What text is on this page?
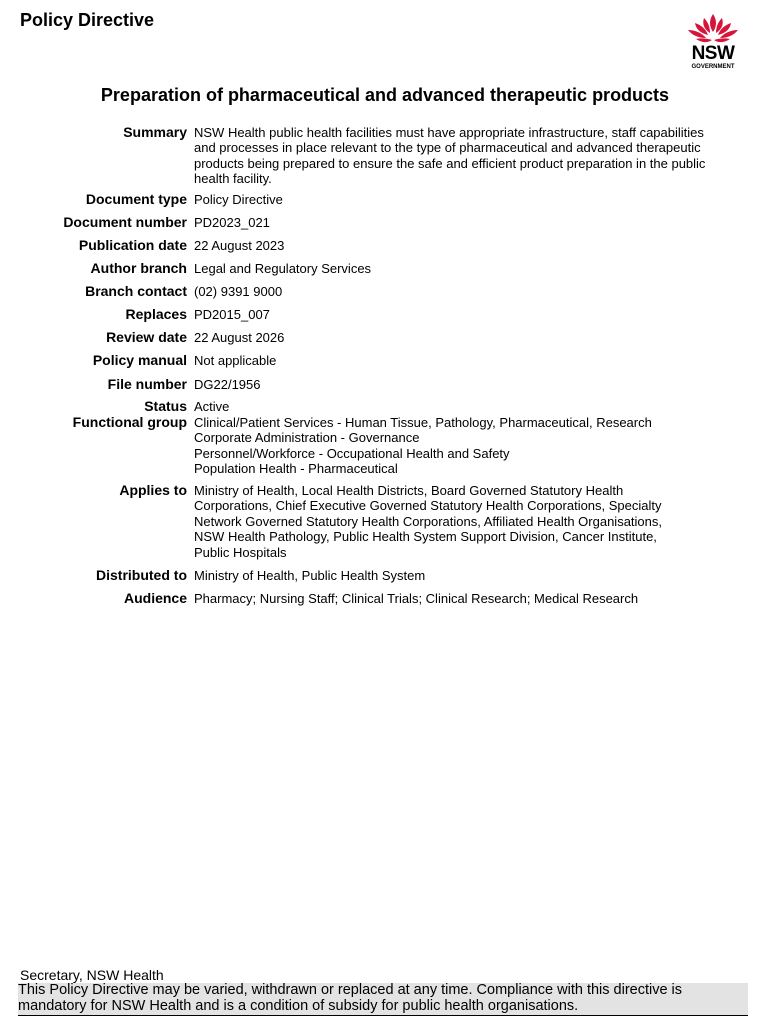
Policy Directive
NSW
GOVERNMENT
Preparation of pharmaceutical and advanced therapeutic products
Summary NSW Health public health facilities must have appropriate infrastructure, staff capabilities
and processes in place relevant to the type of pharmaceutical and advanced therapeutic
products being prepared to ensure the safe and efficient product preparation in the public
health facility.
Document type Policy Directive
Document number PD2023_021
Publication date 22 August 2023
Author branch Legal and Regulatory Services
Branch contact (02) 9391 9000
Replaces PD2015_007
Review date 22 August 2026
Policy manual Not applicable
File number DG22/1956
Status Active
Functional group Clinical/Patient Services - Human Tissue, Pathology, Pharmaceutical, Research
Corporate Administration - Governance
Personnel/Workforce - Occupational Health and Safety
Population Health - Pharmaceutical
Applies to Ministry of Health, Local Health Districts, Board Governed Statutory Health
Corporations, Chief Executive Governed Statutory Health Corporations, Specialty
Network Governed Statutory Health Corporations, Affiliated Health Organisations,
NSW Health Pathology, Public Health System Support Division, Cancer Institute,
Public Hospitals
Distributed to Ministry of Health, Public Health System
Audience Pharmacy; Nursing Staff; Clinical Trials; Clinical Research; Medical Research
Secretary, NSW Health
This Policy Directive may be varied, withdrawn or replaced at any time. Compliance with this directive is mandatory for NSW Health and is a condition of subsidy for public health organisations.
